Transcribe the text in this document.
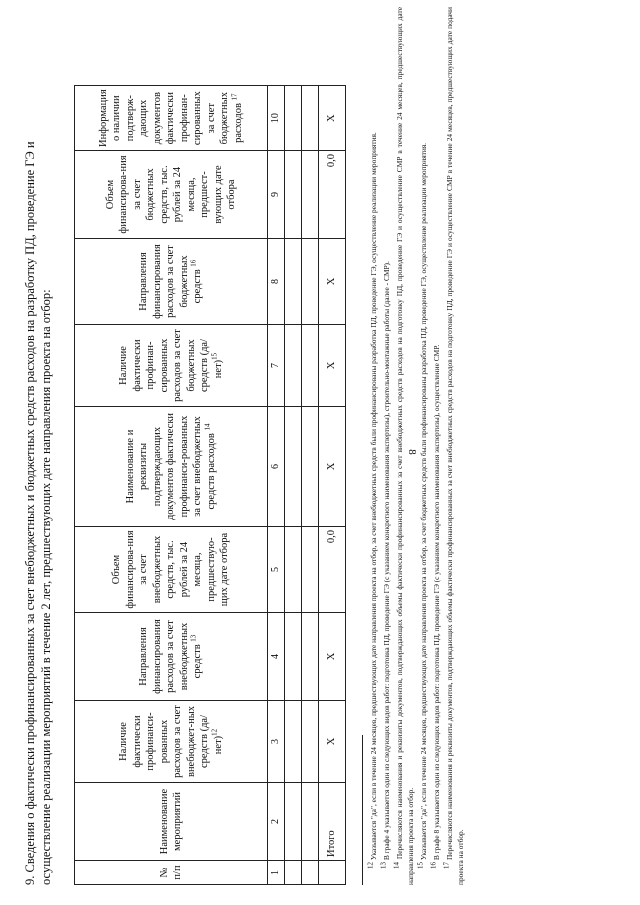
8
9. Сведения о фактически профинансированных за счет внебюджетных и бюджетных средств расходов на разработку ПД, проведение ГЭ и осуществление реализации мероприятий в течение 2 лет, предшествующих дате направления проекта на отбор:	№ п/п	Наименование мероприятий	Наличие фактически профинанси-рованных расходов за счет внебюджет-ных средств $(да/нет)^{12}$	Направления финансирования расходов за счет внебюджетных средств $^{13}$	Объем финансирова-ния за счет внебюджетных средств, тыс. рублей за 24 месяца, предшествую-щих дате отбора	Наименование и реквизиты подтверждающих документов фактически профинанси-рованных за счет внебюджетных средств расходов $^{14}$	Наличие фактически профинан-сированных расходов за счет бюджетных средств $(да/нет)^{15}$	Направления финансирования расходов за счет бюджетных средств $^{16}$	Объем финансирова-ния за счет бюджетных средств, тыс. рублей за 24 месяца, предшест-вующих дате отбора	Информация о наличии подтверж-дающих документов фактически профинан-сированных за счет бюджетных расходов $^{17}$
1	2	3	4	5	6	7	8	9	10

	Итого	X	X	0,0	X	X	X	0,0	X

$^{12}$ Указывается "да", если в течение 24 месяцев, предшествующих дате направления проекта на отбор, за счет внебюджетных средств были профинансированы разработка ПД, проведение ГЭ, осуществление реализации мероприятия.

$^{13}$ В графе 4 указывается один из следующих видов работ: подготовка ПД, проведение ГЭ (с указанием конкретного наименования экспертизы), строительно-монтажные работы (далее - СМР).

$^{14}$ Перечисляются наименования и реквизиты документов, подтверждающих объемы фактически профинансированных за счет внебюджетных средств расходов на подготовку ПД, проведение ГЭ и осуществление СМР в течение 24 месяцев, предшествующих дате направления проекта на отбор. $^{15}$ Указывается "да", если в течение 24 месяцев, предшествующих дате направления проекта на отбор, за счет бюджетных средств были профинансированы разработка ПД, проведение ГЭ, осуществление реализации мероприятия.

$^{16}$ В графе 8 указывается один из следующих видов работ: подготовка ПД, проведение ГЭ (с указанием конкретного наименования экспертизы), осуществление СМР.

$^{17}$ Перечисляются наименования и реквизиты документов, подтверждающих объемы фактически профинансированных за счет внебюджетных средств расходов на подготовку ПД, проведение ГЭ и осуществление СМР в течение 24 месяцев, предшествующих дате подачи проекта на отбор.
